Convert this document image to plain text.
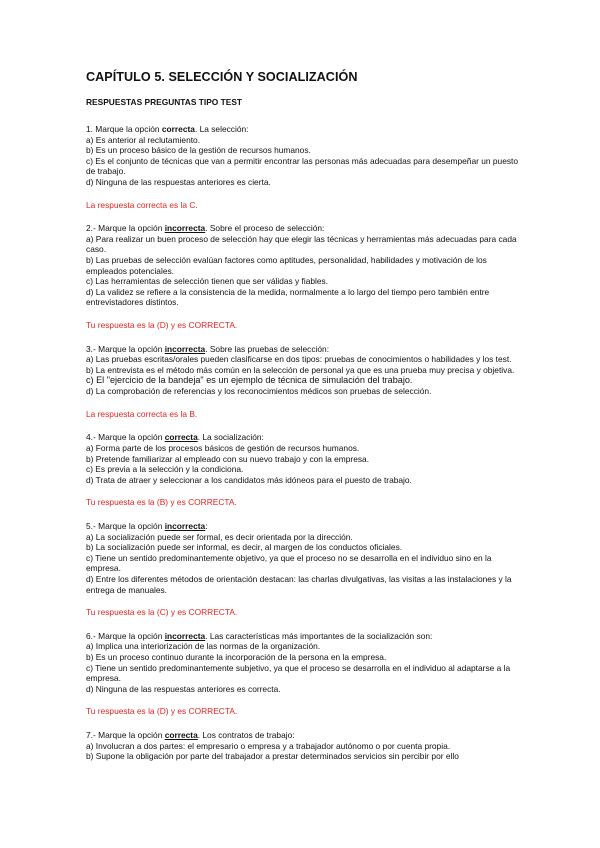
CAPÍTULO 5. SELECCIÓN Y SOCIALIZACIÓN
RESPUESTAS PREGUNTAS TIPO TEST
1. Marque la opción correcta. La selección:
a) Es anterior al reclutamiento.
b) Es un proceso básico de la gestión de recursos humanos.
c) Es el conjunto de técnicas que van a permitir encontrar las personas más adecuadas para desempeñar un puesto de trabajo.
d) Ninguna de las respuestas anteriores es cierta.
La respuesta correcta es la C.
2.- Marque la opción incorrecta. Sobre el proceso de selección:
a) Para realizar un buen proceso de selección hay que elegir las técnicas y herramientas más adecuadas para cada caso.
b) Las pruebas de selección evalúan factores como aptitudes, personalidad, habilidades y motivación de los empleados potenciales.
c) Las herramientas de selección tienen que ser válidas y fiables.
d) La validez se refiere a la consistencia de la medida, normalmente a lo largo del tiempo pero también entre entrevistadores distintos.
Tu respuesta es la (D) y es CORRECTA.
3.- Marque la opción incorrecta. Sobre las pruebas de selección:
a) Las pruebas escritas/orales pueden clasificarse en dos tipos: pruebas de conocimientos o habilidades y los test.
b) La entrevista es el método más común en la selección de personal ya que es una prueba muy precisa y objetiva.
c) El "ejercicio de la bandeja" es un ejemplo de técnica de simulación del trabajo.
d) La comprobación de referencias y los reconocimientos médicos son pruebas de selección.
La respuesta correcta es la B.
4.- Marque la opción correcta. La socialización:
a) Forma parte de los procesos básicos de gestión de recursos humanos.
b) Pretende familiarizar al empleado con su nuevo trabajo y con la empresa.
c) Es previa a la selección y la condiciona.
d) Trata de atraer y seleccionar a los candidatos más idóneos para el puesto de trabajo.
Tu respuesta es la (B) y es CORRECTA.
5.- Marque la opción incorrecta:
a) La socialización puede ser formal, es decir orientada por la dirección.
b) La socialización puede ser informal, es decir, al margen de los conductos oficiales.
c) Tiene un sentido predominantemente objetivo, ya que el proceso no se desarrolla en el individuo sino en la empresa.
d) Entre los diferentes métodos de orientación destacan: las charlas divulgativas, las visitas a las instalaciones y la entrega de manuales.
Tu respuesta es la (C) y es CORRECTA.
6.- Marque la opción incorrecta. Las características más importantes de la socialización son:
a) Implica una interiorización de las normas de la organización.
b) Es un proceso continuo durante la incorporación de la persona en la empresa.
c) Tiene un sentido predominantemente subjetivo, ya que el proceso se desarrolla en el individuo al adaptarse a la empresa.
d) Ninguna de las respuestas anteriores es correcta.
Tu respuesta es la (D) y es CORRECTA.
7.- Marque la opción correcta. Los contratos de trabajo:
a) Involucran a dos partes: el empresario o empresa y a trabajador autónomo o por cuenta propia.
b) Supone la obligación por parte del trabajador a prestar determinados servicios sin percibir por ello
